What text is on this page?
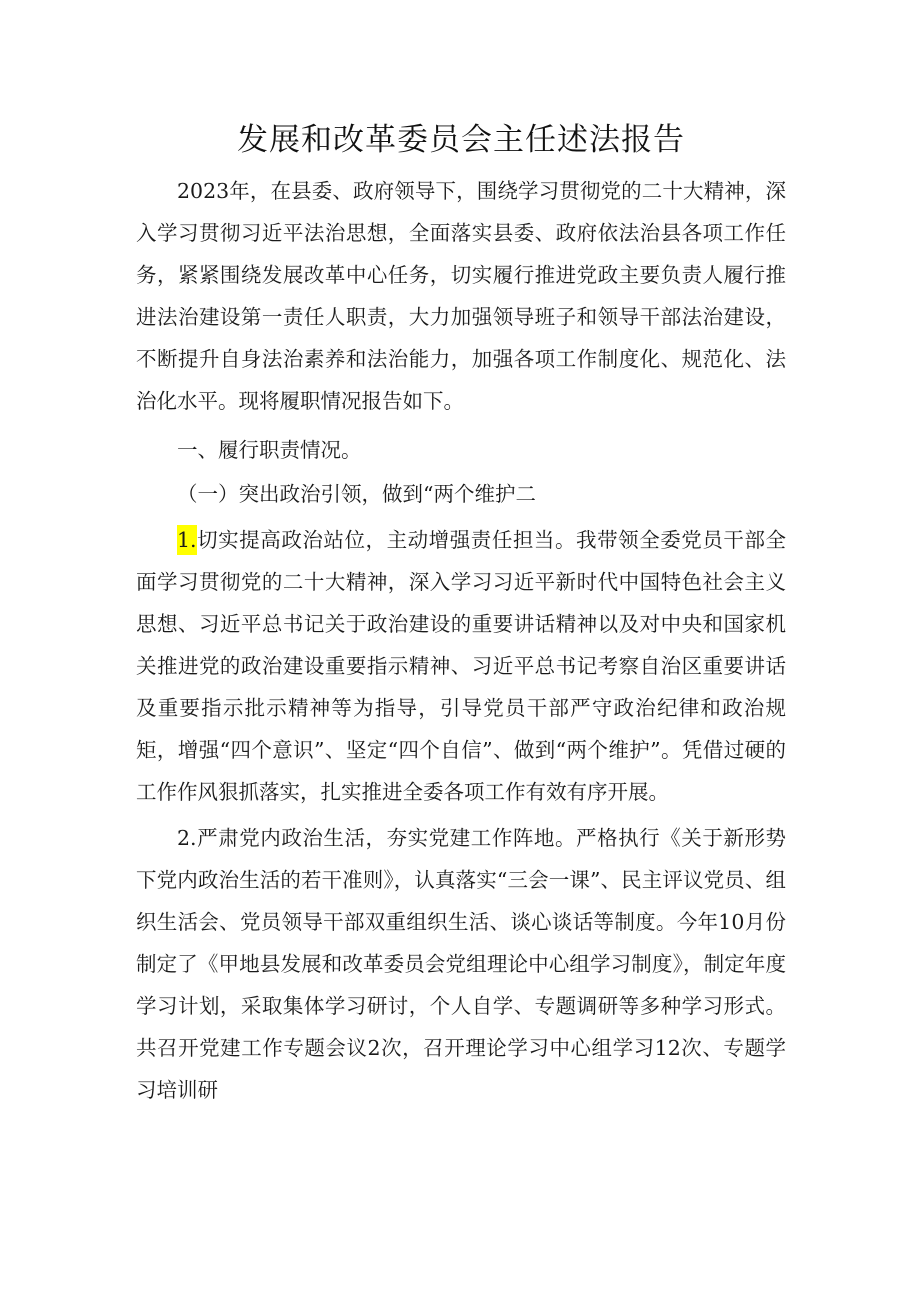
发展和改革委员会主任述法报告

2023年，在县委、政府领导下，围绕学习贯彻党的二十大精神，深入学习贯彻习近平法治思想，全面落实县委、政府依法治县各项工作任务，紧紧围绕发展改革中心任务，切实履行推进党政主要负责人履行推进法治建设第一责任人职责，大力加强领导班子和领导干部法治建设，不断提升自身法治素养和法治能力，加强各项工作制度化、规范化、法治化水平。现将履职情况报告如下。

一、履行职责情况。

（一）突出政治引领，做到“两个维护二

1.切实提高政治站位，主动增强责任担当。我带领全委党员干部全面学习贯彻党的二十大精神，深入学习习近平新时代中国特色社会主义思想、习近平总书记关于政治建设的重要讲话精神以及对中央和国家机关推进党的政治建设重要指示精神、习近平总书记考察自治区重要讲话及重要指示批示精神等为指导，引导党员干部严守政治纪律和政治规矩，增强“四个意识”、坚定“四个自信”、做到“两个维护”。凭借过硬的工作作风狠抓落实，扎实推进全委各项工作有效有序开展。

2.严肃党内政治生活，夯实党建工作阵地。严格执行《关于新形势下党内政治生活的若干准则》，认真落实“三会一课”、民主评议党员、组织生活会、党员领导干部双重组织生活、谈心谈话等制度。今年10月份制定了《甲地县发展和改革委员会党组理论中心组学习制度》，制定年度学习计划，采取集体学习研讨，个人自学、专题调研等多种学习形式。共召开党建工作专题会议2次，召开理论学习中心组学习12次、专题学习培训研
